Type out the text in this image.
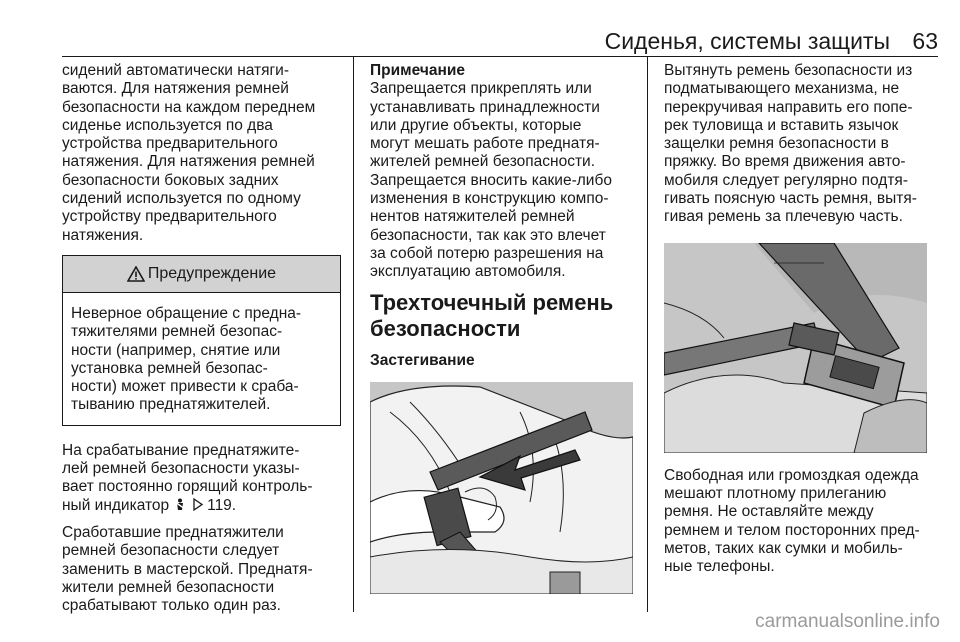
Сиденья, системы защиты 63

сидений автоматически натяги-
ваются. Для натяжения ремней
безопасности на каждом переднем
сиденье используется по два
устройства предварительного
натяжения. Для натяжения ремней
безопасности боковых задних
сидений используется по одному
устройству предварительного
натяжения.

Предупреждение
Неверное обращение с предна-
тяжителями ремней безопас-
ности (например, снятие или
установка ремней безопас-
ности) может привести к сраба-
тыванию преднатяжителей.

На срабатывание преднатяжите-
лей ремней безопасности указы-
вает постоянно горящий контроль-
ный индикатор 119.

Сработавшие преднатяжители
ремней безопасности следует
заменить в мастерской. Преднатя-
жители ремней безопасности
срабатывают только один раз.

Примечание

Запрещается прикреплять или
устанавливать принадлежности
или другие объекты, которые
могут мешать работе преднатя-
жителей ремней безопасности.
Запрещается вносить какие-либо
изменения в конструкцию компо-
нентов натяжителей ремней
безопасности, так как это влечет
за собой потерю разрешения на
эксплуатацию автомобиля.

Трехточечный ремень
безопасности

Застегивание

Вытянуть ремень безопасности из
подматывающего механизма, не
перекручивая направить его попе-
рек туловища и вставить язычок
защелки ремня безопасности в
пряжку. Во время движения авто-
мобиля следует регулярно подтя-
гивать поясную часть ремня, вытя-
гивая ремень за плечевую часть.

Свободная или громоздкая одежда
мешают плотному прилеганию
ремня. Не оставляйте между
ремнем и телом посторонних пред-
метов, таких как сумки и мобиль-
ные телефоны.

carmanualsonline.info
